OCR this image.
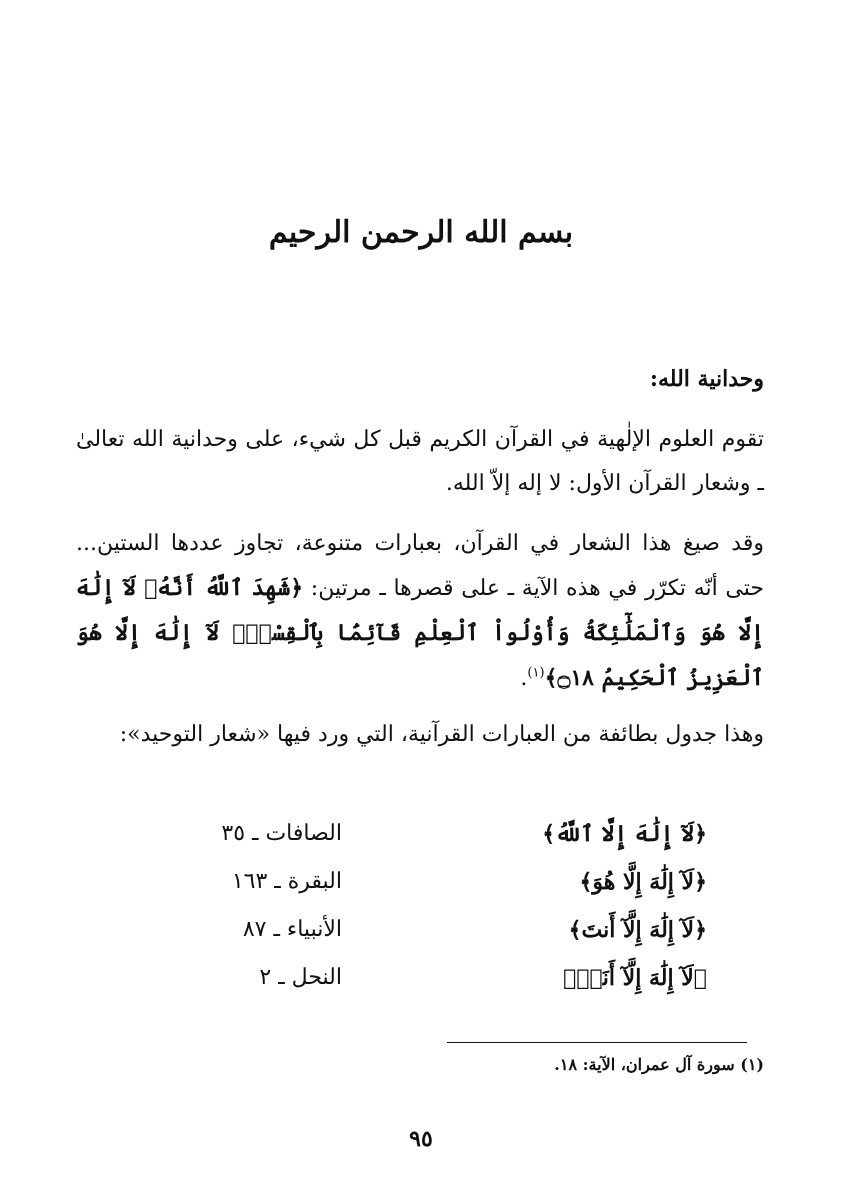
بسم الله الرحمن الرحيم
وحدانية الله:
تقوم العلوم الإلٰهية في القرآن الكريم قبل كل شيء، على وحدانية الله تعالىٰ ـ وشعار القرآن الأول: لا إله إلاّ الله.
وقد صيغ هذا الشعار في القرآن، بعبارات متنوعة، تجاوز عددها الستين... حتى أنّه تكرّر في هذه الآية ـ على قصرها ـ مرتين: ﴿شَهِدَ ٱللَّهُ أَنَّهُۥ لَآ إِلَٰهَ إِلَّا هُوَ وَٱلْمَلَٰٓئِكَةُ وَأُوْلُواْ ٱلْعِلْمِ قَآئِمَۢا بِٱلْقِسْطِۚ لَآ إِلَٰهَ إِلَّا هُوَ ٱلْعَزِيزُ ٱلْحَكِيمُ ۝١٨﴾$^{(١)}$.
وهذا جدول بطائفة من العبارات القرآنية، التي ورد فيها «شعار التوحيد»:
﴿لَآ إِلَٰهَ إِلَّا ٱللَّهُ﴾
الصافات ـ ٣٥
﴿لَآ إِلَٰهَ إِلَّا هُوَ﴾
البقرة ـ ١٦٣
﴿لَآ إِلَٰهَ إِلَّآ أَنتَ﴾
الأنبياء ـ ٨٧
﴿لَآ إِلَٰهَ إِلَّآ أَنَا۠﴾
النحل ـ ٢
(١) سورة آل عمران، الآية: ١٨.
٩٥
